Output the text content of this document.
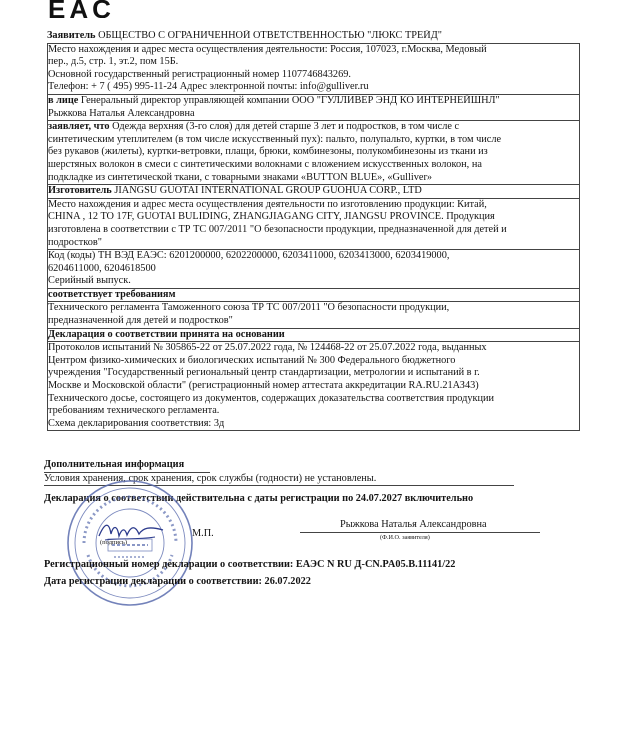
EAC
Заявитель ОБЩЕСТВО С ОГРАНИЧЕННОЙ ОТВЕТСТВЕННОСТЬЮ "ЛЮКС ТРЕЙД"
Место нахождения и адрес места осуществления деятельности: Россия, 107023, г.Москва, Медовый
пер., д.5, стр. 1, эт.2, пом 15Б.
Основной государственный регистрационный номер 1107746843269.
Телефон: + 7 ( 495) 995-11-24 Адрес электронной почты: info@gulliver.ru
в лице Генеральный директор управляющей компании ООО "ГУЛЛИВЕР ЭНД КО ИНТЕРНЕЙШНЛ"
Рыжкова Наталья Александровна
заявляет, что Одежда верхняя (3-го слоя) для детей старше 3 лет и подростков, в том числе с
синтетическим утеплителем (в том числе искусственный пух): пальто, полупальто, куртки, в том числе
без рукавов (жилеты), куртки-ветровки, плащи, брюки, комбинезоны, полукомбинезоны из ткани из
шерстяных волокон в смеси с синтетическими волокнами с вложением искусственных волокон, на
подкладке из синтетической ткани, с товарными знаками «BUTTON BLUE», «Gulliver»
Изготовитель JIANGSU GUOTAI INTERNATIONAL GROUP GUOHUA CORP., LTD
Место нахождения и адрес места осуществления деятельности по изготовлению продукции: Китай,
CHINA , 12 TO 17F, GUOTAI BULIDING, ZHANGJIAGANG CITY, JIANGSU PROVINCE. Продукция
изготовлена в соответствии с ТР ТС 007/2011 "О безопасности продукции, предназначенной для детей и
подростков"
Код (коды) ТН ВЭД ЕАЭС: 6201200000, 6202200000, 6203411000, 6203413000, 6203419000,
6204611000, 6204618500
Серийный выпуск.
соответствует требованиям
Технического регламента Таможенного союза ТР ТС 007/2011 "О безопасности продукции,
предназначенной для детей и подростков"
Декларация о соответствии принята на основании
Протоколов испытаний № 305865-22 от 25.07.2022 года, № 124468-22 от 25.07.2022 года, выданных
Центром физико-химических и биологических испытаний № 300 Федерального бюджетного
учреждения "Государственный региональный центр стандартизации, метрологии и испытаний в г.
Москве и Московской области" (регистрационный номер аттестата аккредитации RA.RU.21АЗ43)
Технического досье, состоящего из документов, содержащих доказательства соответствия продукции
требованиям технического регламента.
Схема декларирования соответствия: 3д
Дополнительная информация
Условия хранения, срок хранения, срок службы (годности) не установлены.
Декларация о соответствии действительна с даты регистрации по 24.07.2027 включительно
(подпись)
М.П.
Рыжкова Наталья Александровна
(Ф.И.О. заявителя)
Регистрационный номер декларации о соответствии: ЕАЭС N RU Д-CN.PA05.B.11141/22
Дата регистрации декларации о соответствии: 26.07.2022
